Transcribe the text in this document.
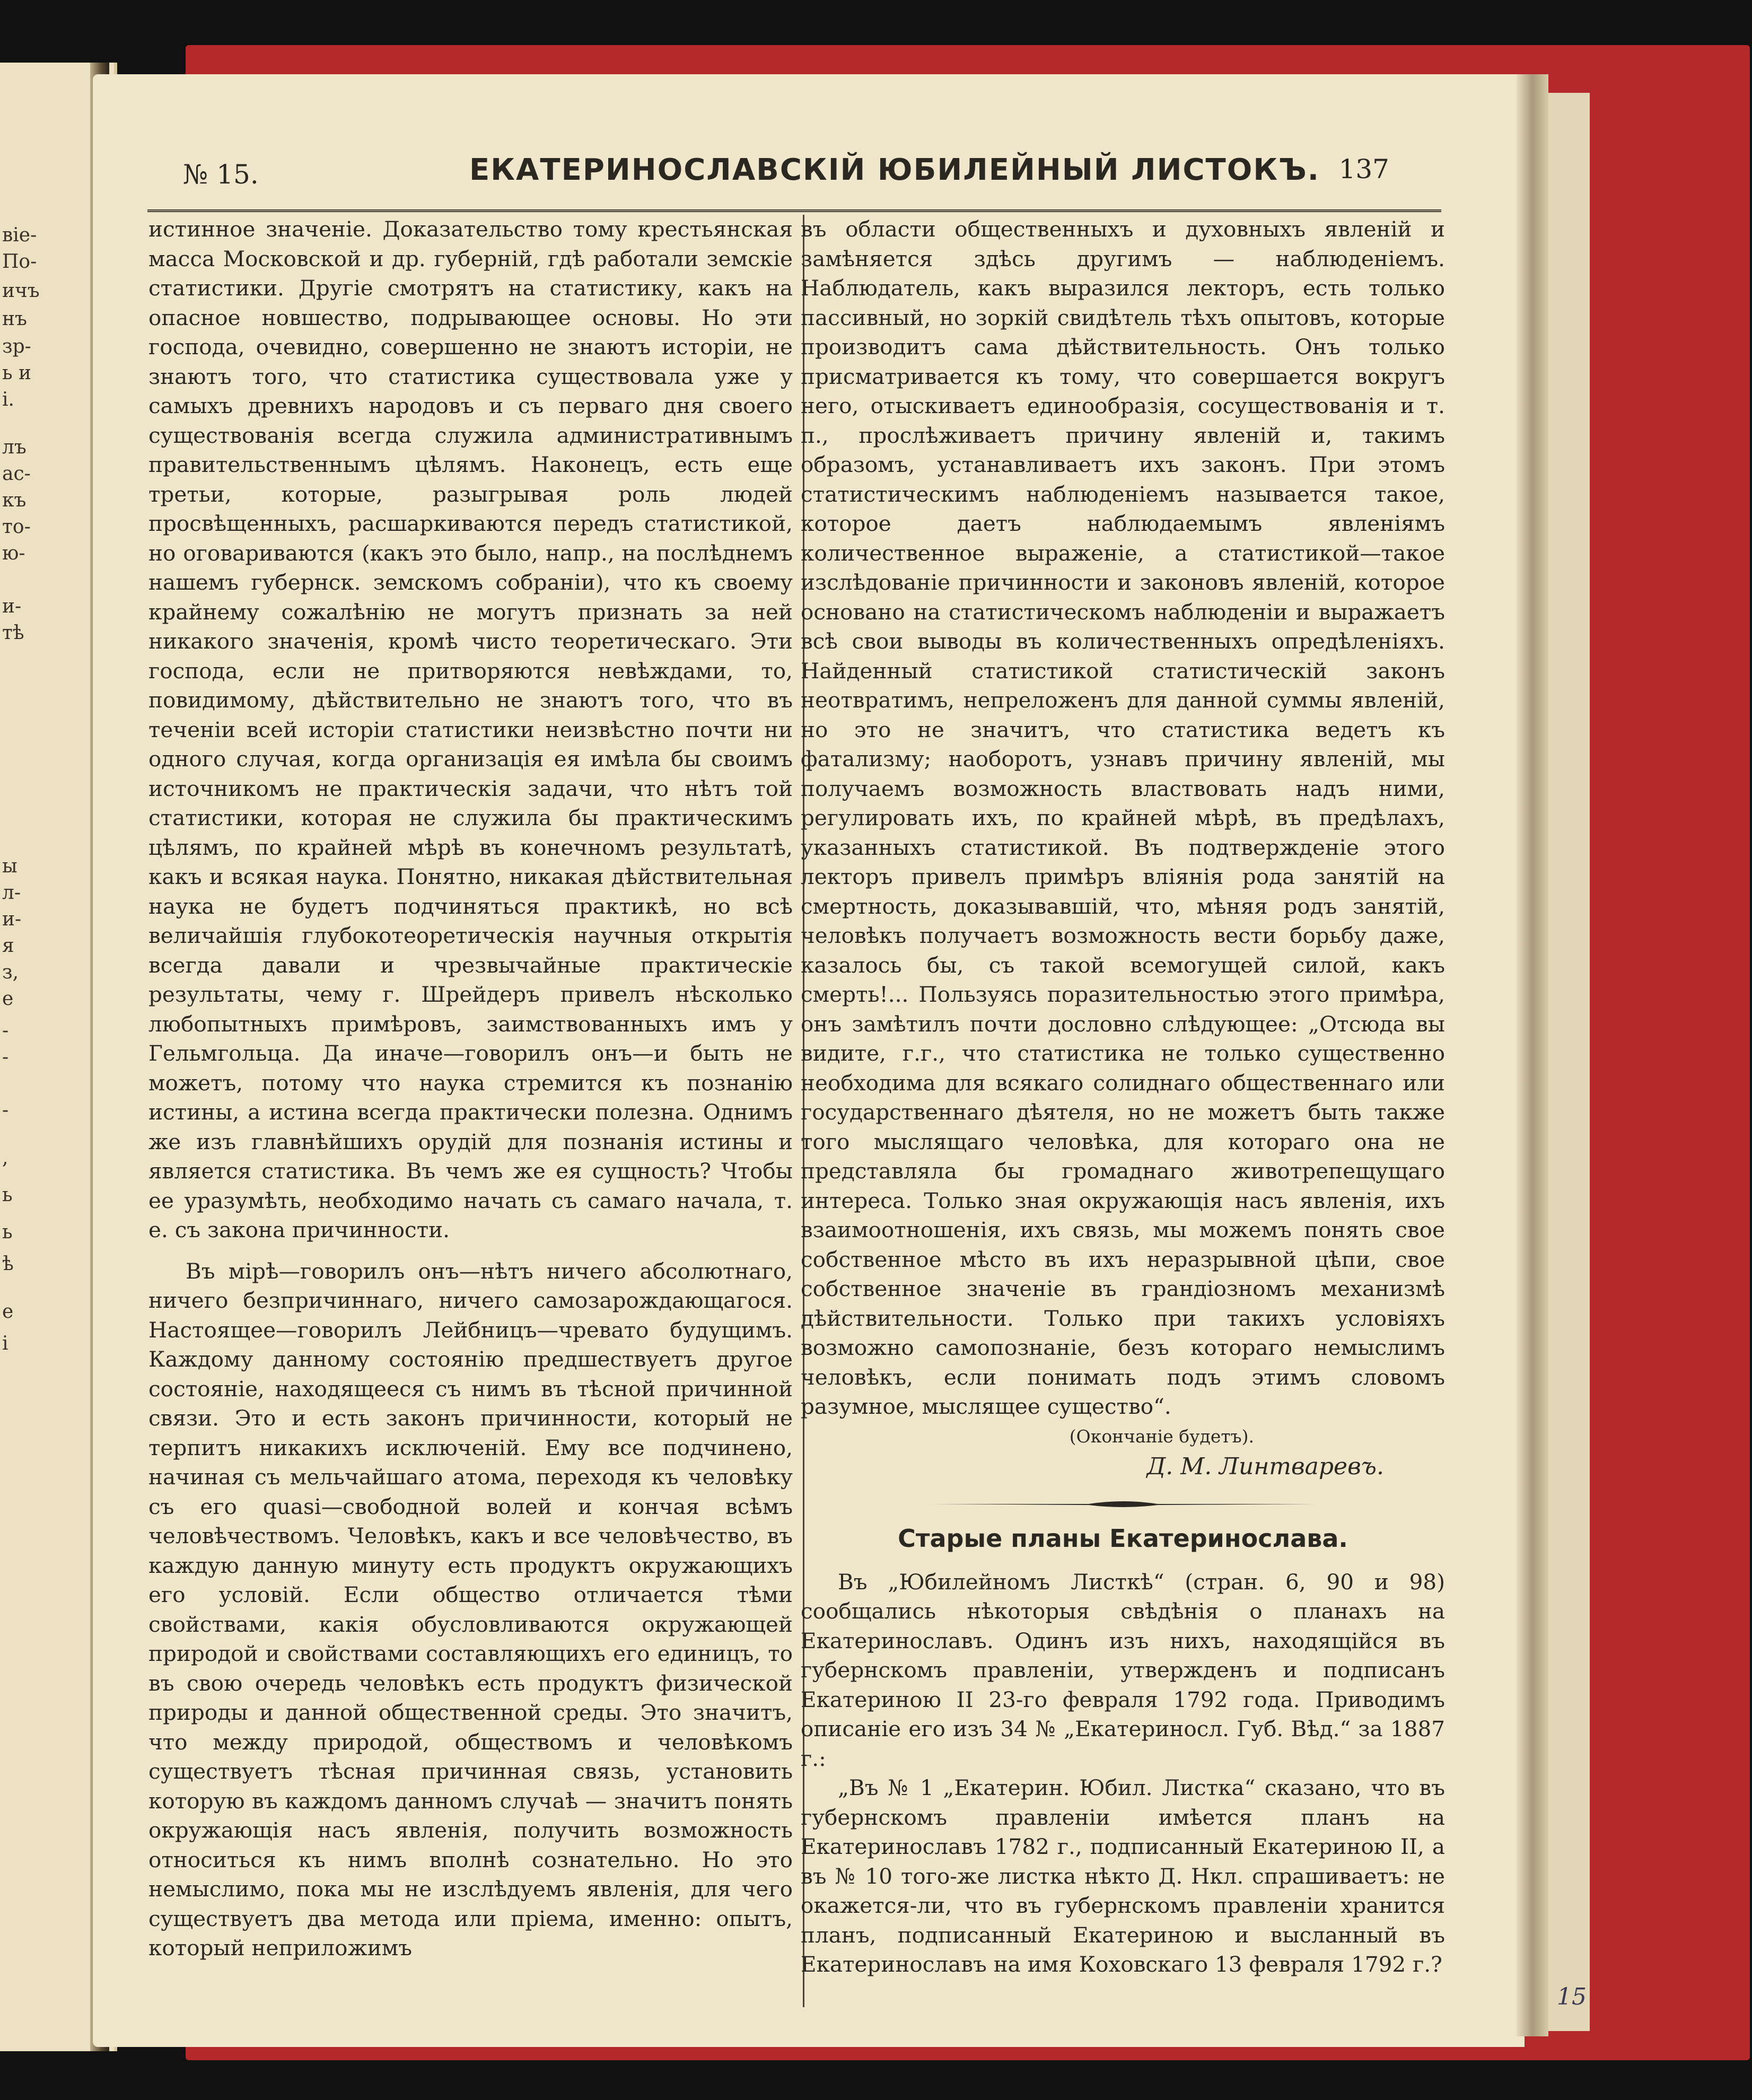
віе-
По-
ичъ
нъ
зр-
ь и
і.
лъ
ас-
къ
то-
ю-
и-
тѣ
ы
л-
и-
я
з,
е
-
-
-
,
ь
ь
ѣ
е
і
№ 15.	ЕКАТЕРИНОСЛАВСКІЙ ЮБИЛЕЙНЫЙ ЛИСТОКЪ. 137

истинное значеніе. Доказательство тому крестьянская масса Московской и др. губерній, гдѣ работали земскіе статистики. Другіе смотрятъ на статистику, какъ на опасное новшество, подрывающее основы. Но эти господа, очевидно, совершенно не знаютъ исторіи, не знаютъ того, что статистика существовала уже у самыхъ древнихъ народовъ и съ перваго дня своего существованія всегда служила административнымъ правительственнымъ цѣлямъ. Наконецъ, есть еще третьи, которые, разыгрывая роль людей просвѣщенныхъ, расшаркиваются передъ статистикой, но оговариваются (какъ это было, напр., на послѣднемъ нашемъ губернск. земскомъ собраніи), что къ своему крайнему сожалѣнію не могутъ признать за ней никакого значенія, кромѣ чисто теоретическаго. Эти господа, если не притворяются невѣждами, то, повидимому, дѣйствительно не знаютъ того, что въ теченіи всей исторіи статистики неизвѣстно почти ни одного случая, когда организація ея имѣла бы своимъ источникомъ не практическія задачи, что нѣтъ той статистики, которая не служила бы практическимъ цѣлямъ, по крайней мѣрѣ въ конечномъ результатѣ, какъ и всякая наука. Понятно, никакая дѣйствительная наука не будетъ подчиняться практикѣ, но всѣ величайшія глубокотеоретическія научныя открытія всегда давали и чрезвычайные практическіе результаты, чему г. Шрейдеръ привелъ нѣсколько любопытныхъ примѣровъ, заимствованныхъ имъ у Гельмгольца. Да иначе—говорилъ онъ—и быть не можетъ, потому что наука стремится къ познанію истины, а истина всегда практически полезна. Однимъ же изъ главнѣйшихъ орудій для познанія истины и является статистика. Въ чемъ же ея сущность? Чтобы ее уразумѣть, необходимо начать съ самаго начала, т. е. съ закона причинности.

Въ мірѣ—говорилъ онъ—нѣтъ ничего абсолютнаго, ничего безпричиннаго, ничего самозарождающагося. Настоящее—говорилъ Лейбницъ—чревато будущимъ. Каждому данному состоянію предшествуетъ другое состояніе, находящееся съ нимъ въ тѣсной причинной связи. Это и есть законъ причинности, который не терпитъ никакихъ исключеній. Ему все подчинено, начиная съ мельчайшаго атома, переходя къ человѣку съ его quasi—свободной волей и кончая всѣмъ человѣчествомъ. Человѣкъ, какъ и все человѣчество, въ каждую данную минуту есть продуктъ окружающихъ его условій. Если общество отличается тѣми свойствами, какія обусловливаются окружающей природой и свойствами составляющихъ его единицъ, то въ свою очередь человѣкъ есть продуктъ физической природы и данной общественной среды. Это значитъ, что между природой, обществомъ и человѣкомъ существуетъ тѣсная причинная связь, установить которую въ каждомъ данномъ случаѣ — значитъ понять окружающія насъ явленія, получить возможность относиться къ нимъ вполнѣ сознательно. Но это немыслимо, пока мы не изслѣдуемъ явленія, для чего существуетъ два метода или пріема, именно: опытъ, который неприложимъ

въ области общественныхъ и духовныхъ явленій и замѣняется здѣсь другимъ — наблюденіемъ. Наблюдатель, какъ выразился лекторъ, есть только пассивный, но зоркій свидѣтель тѣхъ опытовъ, которые производитъ сама дѣйствительность. Онъ только присматривается къ тому, что совершается вокругъ него, отыскиваетъ единообразія, сосуществованія и т. п., прослѣживаетъ причину явленій и, такимъ образомъ, устанавливаетъ ихъ законъ. При этомъ статистическимъ наблюденіемъ называется такое, которое даетъ наблюдаемымъ явленіямъ количественное выраженіе, а статистикой—такое изслѣдованіе причинности и законовъ явленій, которое основано на статистическомъ наблюденіи и выражаетъ всѣ свои выводы въ количественныхъ опредѣленіяхъ. Найденный статистикой статистическій законъ неотвратимъ, непреложенъ для данной суммы явленій, но это не значитъ, что статистика ведетъ къ фатализму; наоборотъ, узнавъ причину явленій, мы получаемъ возможность властвовать надъ ними, регулировать ихъ, по крайней мѣрѣ, въ предѣлахъ, указанныхъ статистикой. Въ подтвержденіе этого лекторъ привелъ примѣръ вліянія рода занятій на смертность, доказывавшій, что, мѣняя родъ занятій, человѣкъ получаетъ возможность вести борьбу даже, казалось бы, съ такой всемогущей силой, какъ смерть!... Пользуясь поразительностью этого примѣра, онъ замѣтилъ почти дословно слѣдующее: „Отсюда вы видите, г.г., что статистика не только существенно необходима для всякаго солиднаго общественнаго или государственнаго дѣятеля, но не можетъ быть также того мыслящаго человѣка, для котораго она не представляла бы громаднаго животрепещущаго интереса. Только зная окружающія насъ явленія, ихъ взаимоотношенія, ихъ связь, мы можемъ понять свое собственное мѣсто въ ихъ неразрывной цѣпи, свое собственное значеніе въ грандіозномъ механизмѣ дѣйствительности. Только при такихъ условіяхъ возможно самопознаніе, безъ котораго немыслимъ человѣкъ, если понимать подъ этимъ словомъ разумное, мыслящее существо“.

(Окончаніе будетъ).
Д. М. Линтваревъ.
Старые планы Екатеринослава.

Въ „Юбилейномъ Листкѣ“ (стран. 6, 90 и 98) сообщались нѣкоторыя свѣдѣнія о планахъ на Екатеринославъ. Одинъ изъ нихъ, находящійся въ губернскомъ правленіи, утвержденъ и подписанъ Екатериною II 23-го февраля 1792 года. Приводимъ описаніе его изъ 34 № „Екатериносл. Губ. Вѣд.“ за 1887 г.:

„Въ № 1 „Екатерин. Юбил. Листка“ сказано, что въ губернскомъ правленіи имѣется планъ на Екатеринославъ 1782 г., подписанный Екатериною II, а въ № 10 того-же листка нѣкто Д. Нкл. спрашиваетъ: не окажется-ли, что въ губернскомъ правленіи хранится планъ, подписанный Екатериною и высланный въ Екатеринославъ на имя Коховскаго 13 февраля 1792 г.?

15
